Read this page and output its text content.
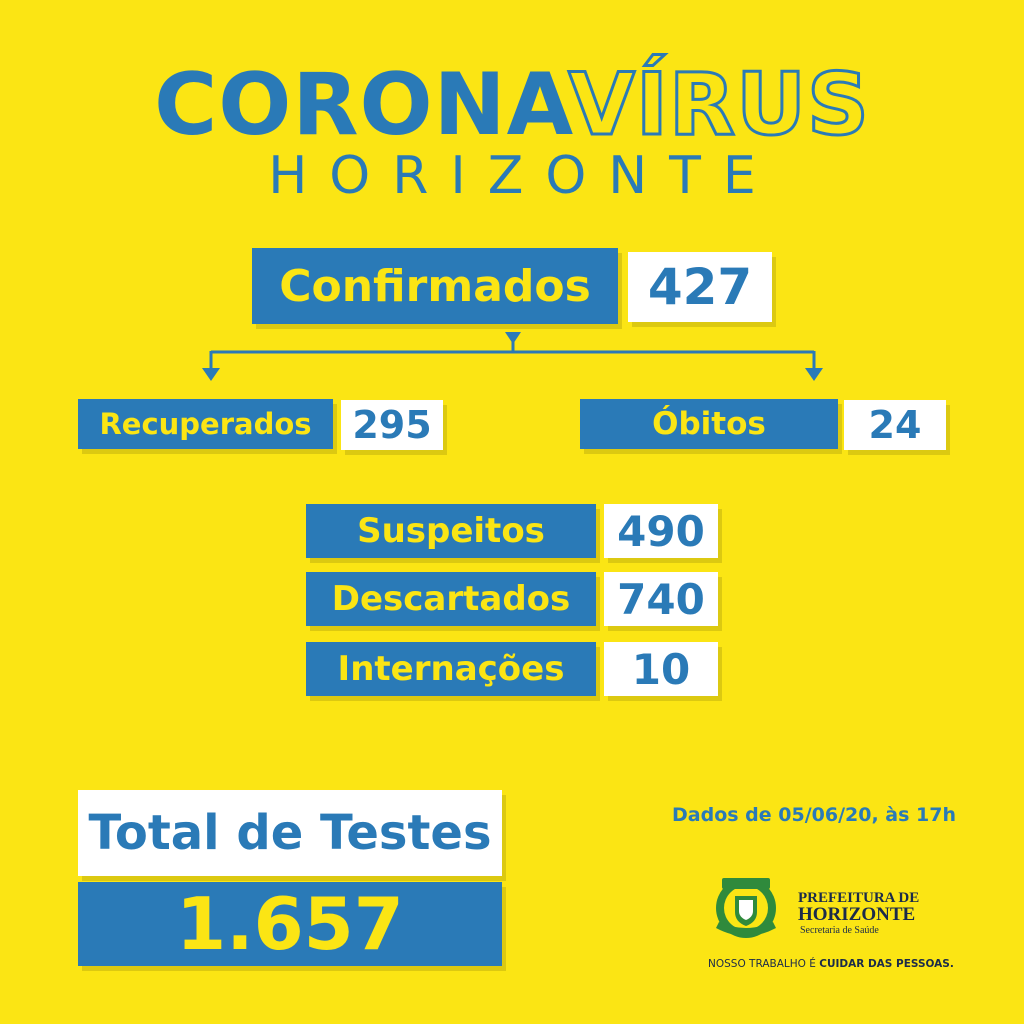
CORONAVÍRUS
HORIZONTE
Confirmados	427
Recuperados	295	Óbitos	24
Suspeitos	490
Descartados	740
Internações	10
Total de Testes
1.657
Dados de 05/06/20, às 17h
PREFEITURA DE
HORIZONTE
Secretaria de Saúde
NOSSO TRABALHO É CUIDAR DAS PESSOAS.
